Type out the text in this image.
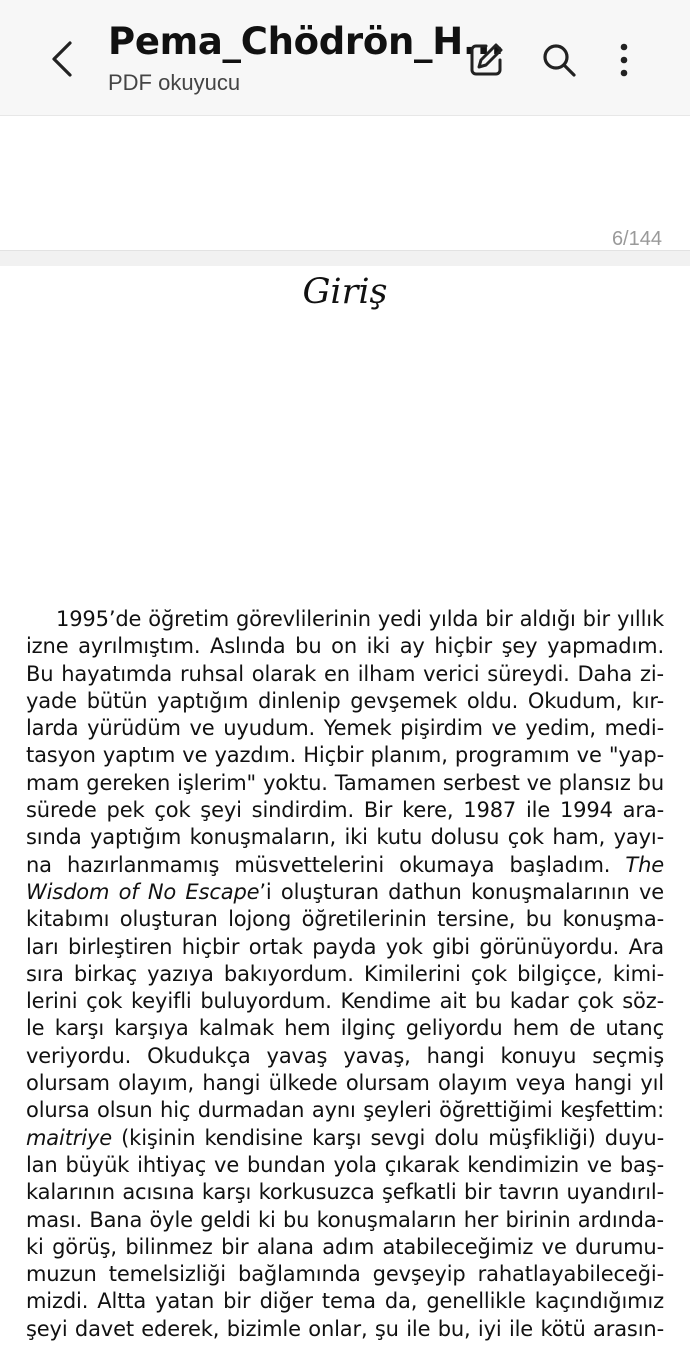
Pema_Chödrön_H...
PDF okuyucu
6/144
Giriş
1995’de öğretim görevlilerinin yedi yılda bir aldığı bir yıllık
izne ayrılmıştım. Aslında bu on iki ay hiçbir şey yapmadım.
Bu hayatımda ruhsal olarak en ilham verici süreydi. Daha zi-
yade bütün yaptığım dinlenip gevşemek oldu. Okudum, kır-
larda yürüdüm ve uyudum. Yemek pişirdim ve yedim, medi-
tasyon yaptım ve yazdım. Hiçbir planım, programım ve "yap-
mam gereken işlerim" yoktu. Tamamen serbest ve plansız bu
sürede pek çok şeyi sindirdim. Bir kere, 1987 ile 1994 ara-
sında yaptığım konuşmaların, iki kutu dolusu çok ham, yayı-
na hazırlanmamış müsvettelerini okumaya başladım. The
Wisdom of No Escape’i oluşturan dathun konuşmalarının ve
kitabımı oluşturan lojong öğretilerinin tersine, bu konuşma-
ları birleştiren hiçbir ortak payda yok gibi görünüyordu. Ara
sıra birkaç yazıya bakıyordum. Kimilerini çok bilgiçce, kimi-
lerini çok keyifli buluyordum. Kendime ait bu kadar çok söz-
le karşı karşıya kalmak hem ilginç geliyordu hem de utanç
veriyordu. Okudukça yavaş yavaş, hangi konuyu seçmiş
olursam olayım, hangi ülkede olursam olayım veya hangi yıl
olursa olsun hiç durmadan aynı şeyleri öğrettiğimi keşfettim:
maitriye (kişinin kendisine karşı sevgi dolu müşfikliği) duyu-
lan büyük ihtiyaç ve bundan yola çıkarak kendimizin ve baş-
kalarının acısına karşı korkusuzca şefkatli bir tavrın uyandırıl-
ması. Bana öyle geldi ki bu konuşmaların her birinin ardında-
ki görüş, bilinmez bir alana adım atabileceğimiz ve durumu-
muzun temelsizliği bağlamında gevşeyip rahatlayabileceği-
mizdi. Altta yatan bir diğer tema da, genellikle kaçındığımız
şeyi davet ederek, bizimle onlar, şu ile bu, iyi ile kötü arasın-
